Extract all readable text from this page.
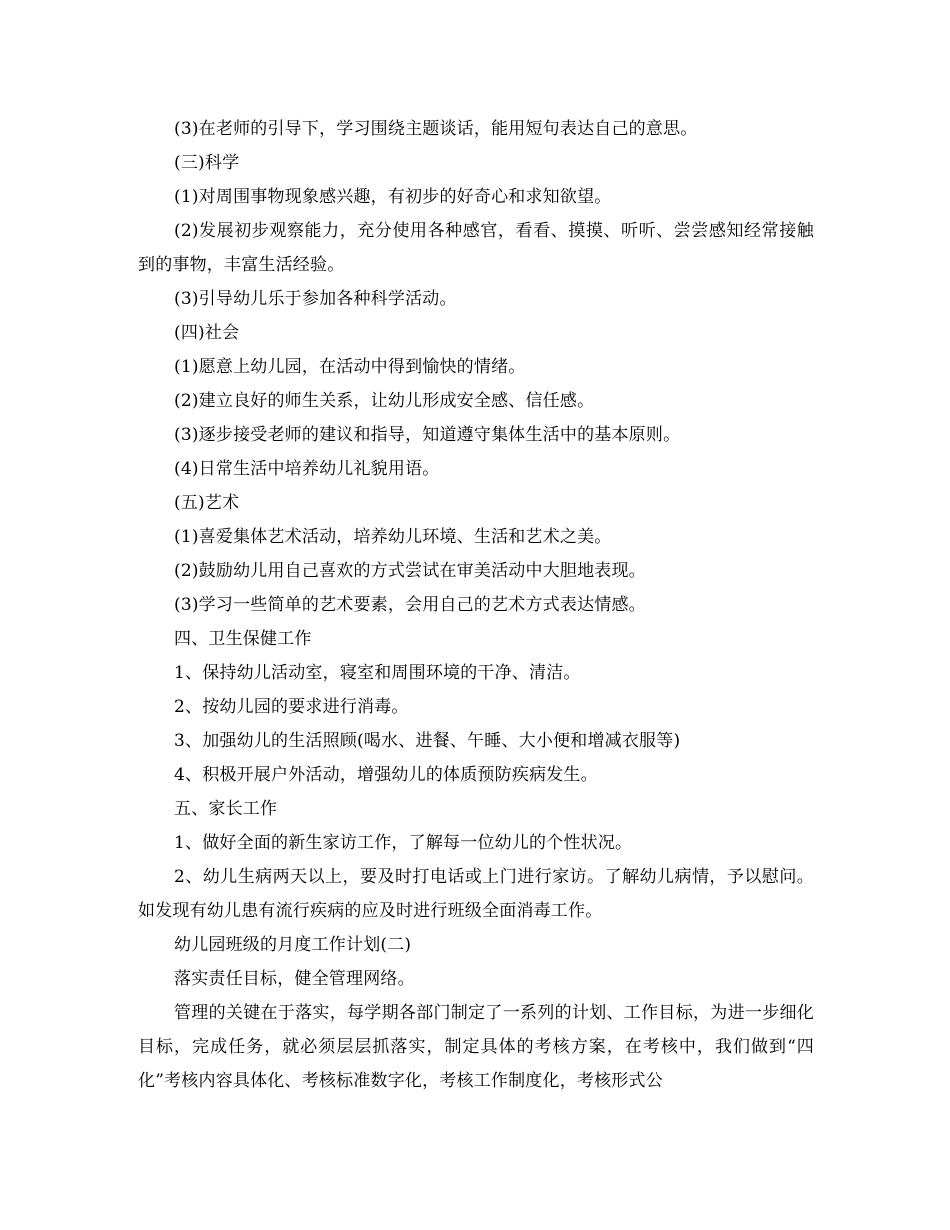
(3)在老师的引导下，学习围绕主题谈话，能用短句表达自己的意思。

(三)科学

(1)对周围事物现象感兴趣，有初步的好奇心和求知欲望。

(2)发展初步观察能力，充分使用各种感官，看看、摸摸、听听、尝尝感知经常接触到的事物，丰富生活经验。

(3)引导幼儿乐于参加各种科学活动。

(四)社会

(1)愿意上幼儿园，在活动中得到愉快的情绪。

(2)建立良好的师生关系，让幼儿形成安全感、信任感。

(3)逐步接受老师的建议和指导，知道遵守集体生活中的基本原则。

(4)日常生活中培养幼儿礼貌用语。

(五)艺术

(1)喜爱集体艺术活动，培养幼儿环境、生活和艺术之美。

(2)鼓励幼儿用自己喜欢的方式尝试在审美活动中大胆地表现。

(3)学习一些简单的艺术要素，会用自己的艺术方式表达情感。

四、卫生保健工作

1、保持幼儿活动室，寝室和周围环境的干净、清洁。

2、按幼儿园的要求进行消毒。

3、加强幼儿的生活照顾(喝水、进餐、午睡、大小便和增减衣服等)

4、积极开展户外活动，增强幼儿的体质预防疾病发生。

五、家长工作

1、做好全面的新生家访工作，了解每一位幼儿的个性状况。

2、幼儿生病两天以上，要及时打电话或上门进行家访。了解幼儿病情，予以慰问。如发现有幼儿患有流行疾病的应及时进行班级全面消毒工作。

幼儿园班级的月度工作计划(二)

落实责任目标，健全管理网络。

管理的关键在于落实，每学期各部门制定了一系列的计划、工作目标，为进一步细化目标，完成任务，就必须层层抓落实，制定具体的考核方案，在考核中，我们做到“四化”考核内容具体化、考核标准数字化，考核工作制度化，考核形式公
